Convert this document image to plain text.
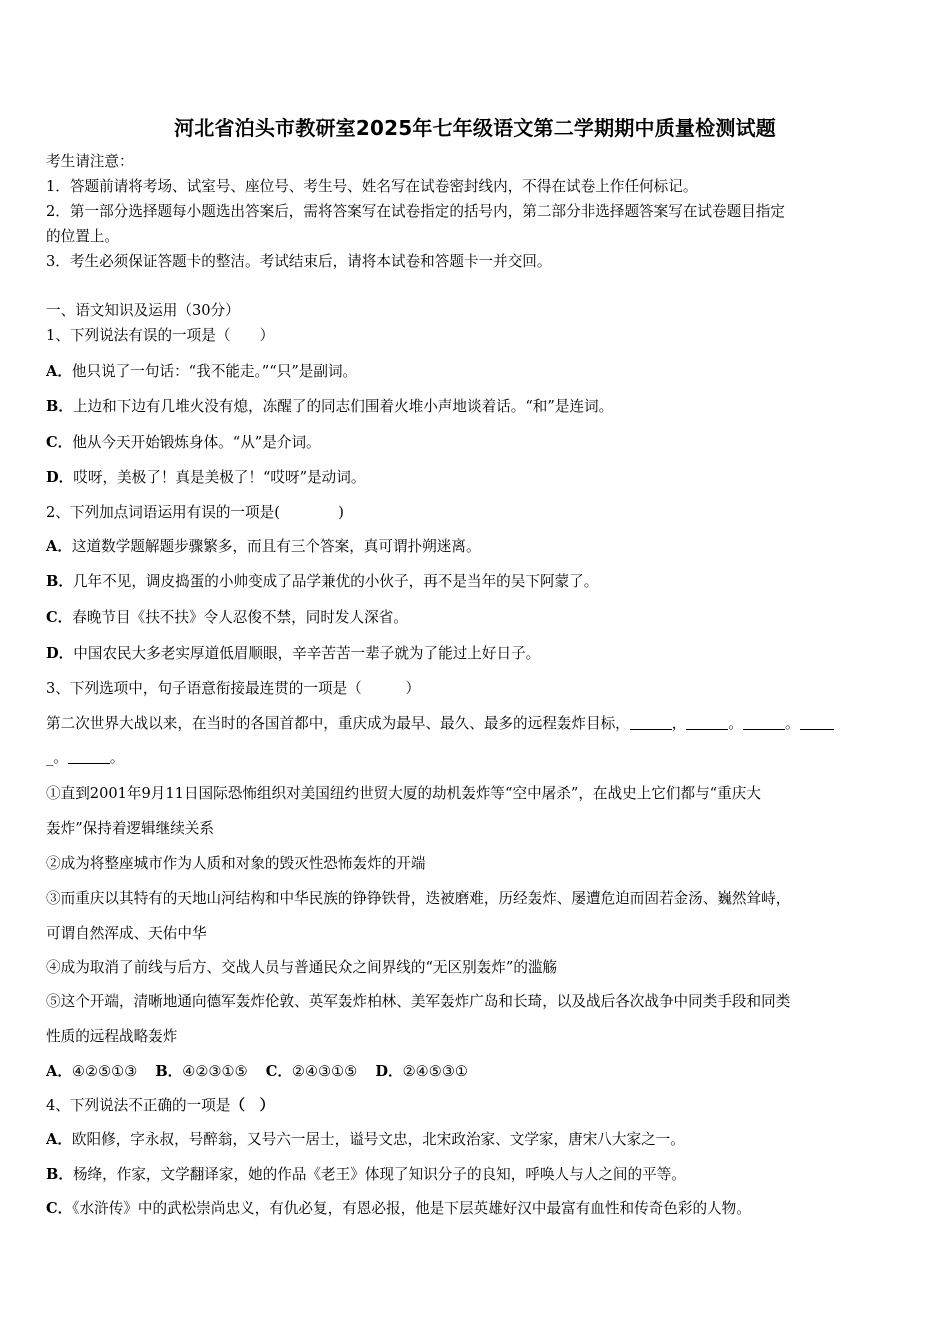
河北省泊头市教研室2025年七年级语文第二学期期中质量检测试题
考生请注意：
1．答题前请将考场、试室号、座位号、考生号、姓名写在试卷密封线内，不得在试卷上作任何标记。
2．第一部分选择题每小题选出答案后，需将答案写在试卷指定的括号内，第二部分非选择题答案写在试卷题目指定
的位置上。
3．考生必须保证答题卡的整洁。考试结束后，请将本试卷和答题卡一并交回。
一、语文知识及运用（30分）
1、下列说法有误的一项是（　　）
A．他只说了一句话：“我不能走。”“只”是副词。
B．上边和下边有几堆火没有熄，冻醒了的同志们围着火堆小声地谈着话。“和”是连词。
C．他从今天开始锻炼身体。“从”是介词。
D．哎呀，美极了！真是美极了！“哎呀”是动词。
2、下列加点词语运用有误的一项是(　　　　)
A．这道数学题解题步骤繁多，而且有三个答案，真可谓扑朔迷离。
B．几年不见，调皮捣蛋的小帅变成了品学兼优的小伙子，再不是当年的吴下阿蒙了。
C．春晚节目《扶不扶》令人忍俊不禁，同时发人深省。
D．中国农民大多老实厚道低眉顺眼，辛辛苦苦一辈子就为了能过上好日子。
3、下列选项中，句子语意衔接最连贯的一项是（　　　）
第二次世界大战以来，在当时的各国首都中，重庆成为最早、最久、最多的远程轰炸目标，	，	。	。
_。	。
①直到2001年9月11日国际恐怖组织对美国纽约世贸大厦的劫机轰炸等“空中屠杀”，在战史上它们都与“重庆大
轰炸”保持着逻辑继续关系
②成为将整座城市作为人质和对象的毁灭性恐怖轰炸的开端
③而重庆以其特有的天地山河结构和中华民族的铮铮铁骨，迭被磨难，历经轰炸、屡遭危迫而固若金汤、巍然耸峙，
可谓自然浑成、天佑中华
④成为取消了前线与后方、交战人员与普通民众之间界线的“无区别轰炸”的滥觞
⑤这个开端，清晰地通向德军轰炸伦敦、英军轰炸柏林、美军轰炸广岛和长琦，以及战后各次战争中同类手段和同类
性质的远程战略轰炸
A．④②⑤①③ B．④②③①⑤ C．②④③①⑤ D．②④⑤③①
4、下列说法不正确的一项是（　）
A．欧阳修，字永叔，号醉翁，又号六一居士，谥号文忠，北宋政治家、文学家，唐宋八大家之一。
B．杨绛，作家，文学翻译家，她的作品《老王》体现了知识分子的良知，呼唤人与人之间的平等。
C．《水浒传》中的武松崇尚忠义，有仇必复，有恩必报，他是下层英雄好汉中最富有血性和传奇色彩的人物。
